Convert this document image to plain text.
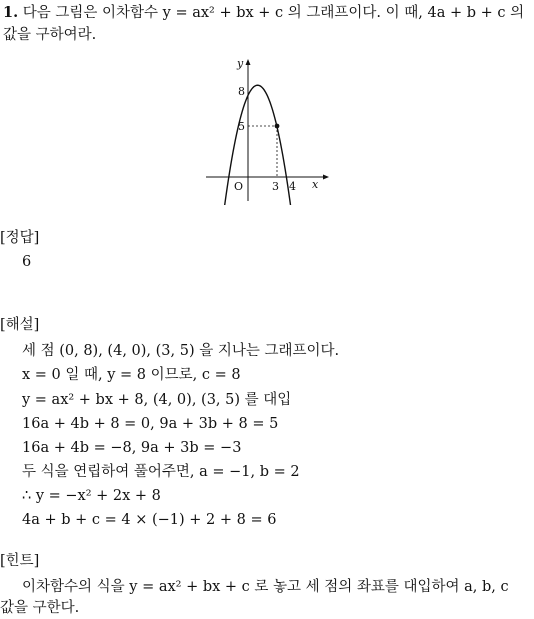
1. 다음 그림은 이차함수 y = ax² + bx + c 의 그래프이다. 이 때, 4a + b + c 의
값을 구하여라.
y
x
O
8
5
3 4
[정답]
6
[해설]
세 점 (0, 8), (4, 0), (3, 5) 을 지나는 그래프이다.
x = 0 일 때, y = 8 이므로, c = 8
y = ax² + bx + 8, (4, 0), (3, 5) 를 대입
16a + 4b + 8 = 0, 9a + 3b + 8 = 5
16a + 4b = −8, 9a + 3b = −3
두 식을 연립하여 풀어주면, a = −1, b = 2
∴ y = −x² + 2x + 8
4a + b + c = 4 × (−1) + 2 + 8 = 6
[힌트]
이차함수의 식을 y = ax² + bx + c 로 놓고 세 점의 좌표를 대입하여 a, b, c
값을 구한다.
